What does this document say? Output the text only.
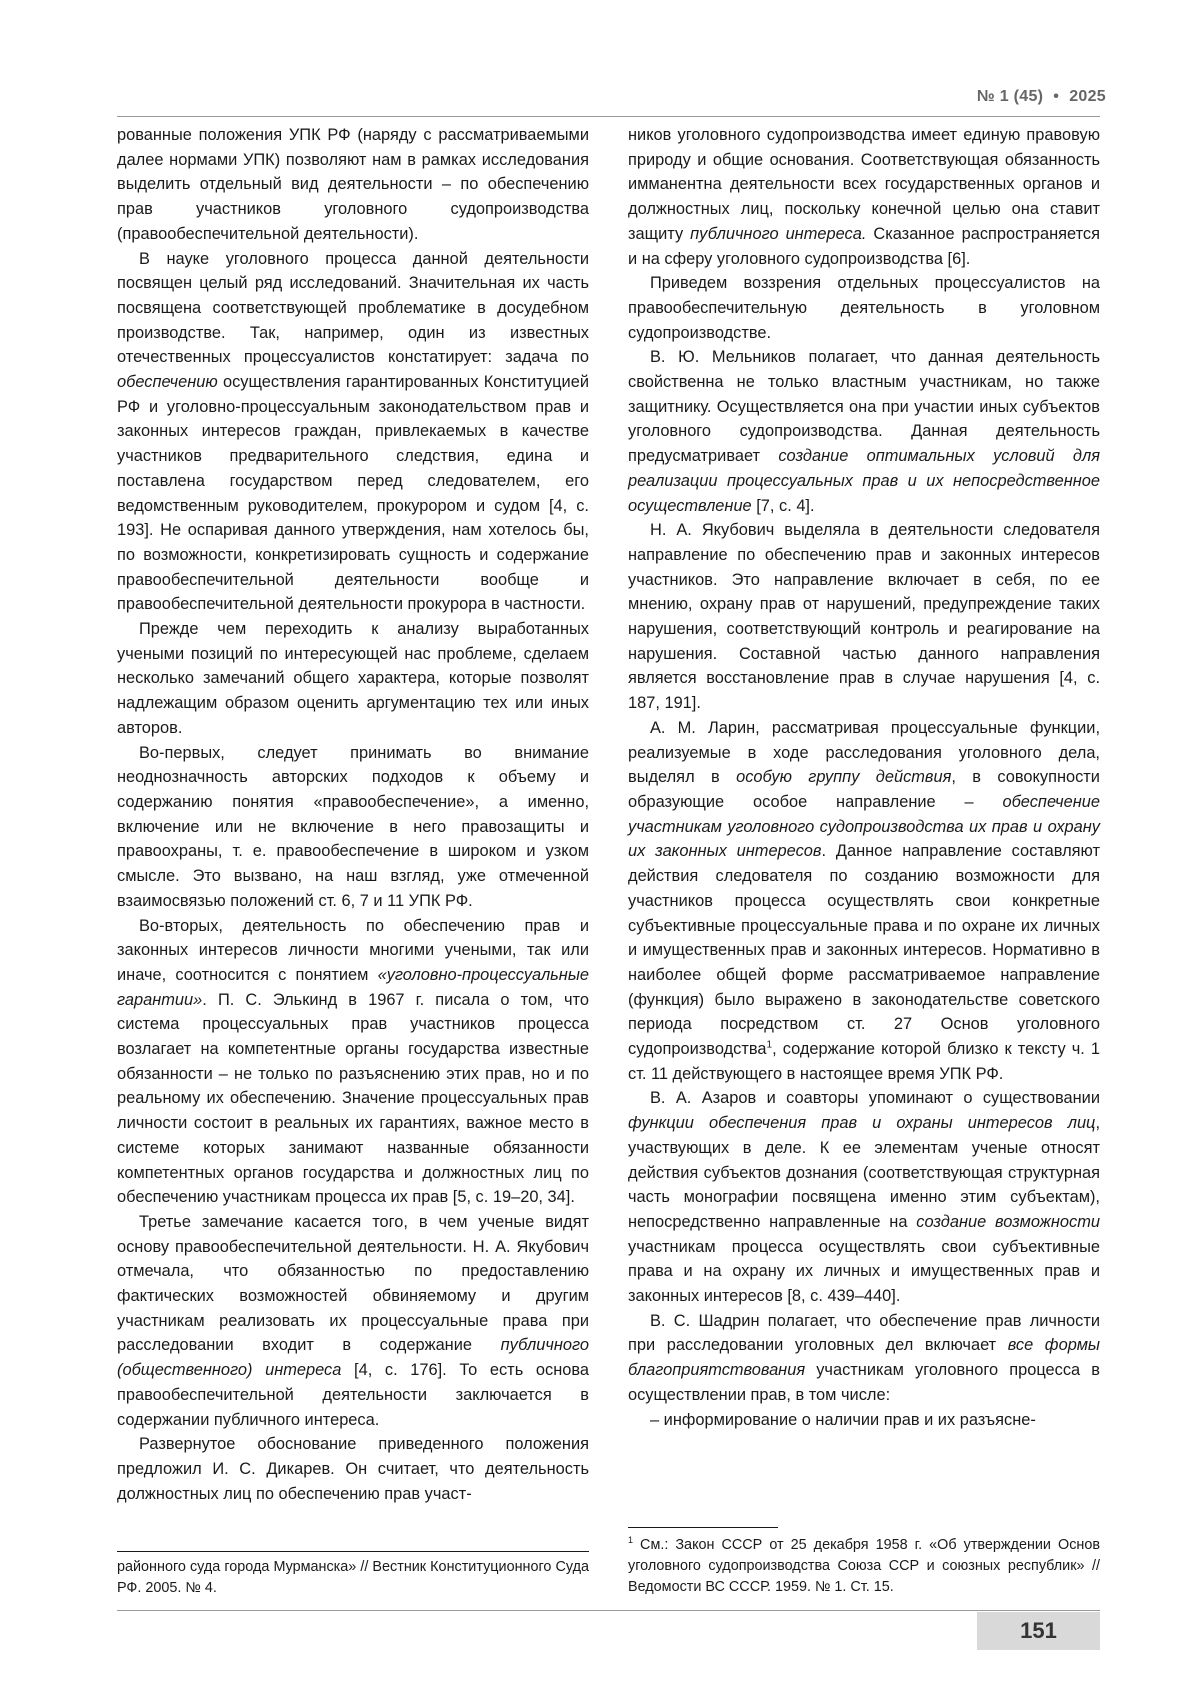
№ 1 (45) • 2025

рованные положения УПК РФ (наряду с рассматриваемыми далее нормами УПК) позволяют нам в рамках исследования выделить отдельный вид деятельности – по обеспечению прав участников уголовного судопроизводства (правообеспечительной деятельности).

В науке уголовного процесса данной деятельности посвящен целый ряд исследований. Значительная их часть посвящена соответствующей проблематике в досудебном производстве. Так, например, один из известных отечественных процессуалистов констатирует: задача по обеспечению осуществления гарантированных Конституцией РФ и уголовно-процессуальным законодательством прав и законных интересов граждан, привлекаемых в качестве участников предварительного следствия, едина и поставлена государством перед следователем, его ведомственным руководителем, прокурором и судом [4, с. 193]. Не оспаривая данного утверждения, нам хотелось бы, по возможности, конкретизировать сущность и содержание правообеспечительной деятельности вообще и правообеспечительной деятельности прокурора в частности.

Прежде чем переходить к анализу выработанных учеными позиций по интересующей нас проблеме, сделаем несколько замечаний общего характера, которые позволят надлежащим образом оценить аргументацию тех или иных авторов.

Во-первых, следует принимать во внимание неоднозначность авторских подходов к объему и содержанию понятия «правообеспечение», а именно, включение или не включение в него правозащиты и правоохраны, т. е. правообеспечение в широком и узком смысле. Это вызвано, на наш взгляд, уже отмеченной взаимосвязью положений ст. 6, 7 и 11 УПК РФ.

Во-вторых, деятельность по обеспечению прав и законных интересов личности многими учеными, так или иначе, соотносится с понятием «уголовно-процессуальные гарантии». П. С. Элькинд в 1967 г. писала о том, что система процессуальных прав участников процесса возлагает на компетентные органы государства известные обязанности – не только по разъяснению этих прав, но и по реальному их обеспечению. Значение процессуальных прав личности состоит в реальных их гарантиях, важное место в системе которых занимают названные обязанности компетентных органов государства и должностных лиц по обеспечению участникам процесса их прав [5, с. 19–20, 34].

Третье замечание касается того, в чем ученые видят основу правообеспечительной деятельности. Н. А. Якубович отмечала, что обязанностью по предоставлению фактических возможностей обвиняемому и другим участникам реализовать их процессуальные права при расследовании входит в содержание публичного (общественного) интереса [4, с. 176]. То есть основа правообеспечительной деятельности заключается в содержании публичного интереса.

Развернутое обоснование приведенного положения предложил И. С. Дикарев. Он считает, что деятельность должностных лиц по обеспечению прав участ-

районного суда города Мурманска» // Вестник Конституционного Суда РФ. 2005. № 4.

ников уголовного судопроизводства имеет единую правовую природу и общие основания. Соответствующая обязанность имманентна деятельности всех государственных органов и должностных лиц, поскольку конечной целью она ставит защиту публичного интереса. Сказанное распространяется и на сферу уголовного судопроизводства [6].

Приведем воззрения отдельных процессуалистов на правообеспечительную деятельность в уголовном судопроизводстве.

В. Ю. Мельников полагает, что данная деятельность свойственна не только властным участникам, но также защитнику. Осуществляется она при участии иных субъектов уголовного судопроизводства. Данная деятельность предусматривает создание оптимальных условий для реализации процессуальных прав и их непосредственное осуществление [7, с. 4].

Н. А. Якубович выделяла в деятельности следователя направление по обеспечению прав и законных интересов участников. Это направление включает в себя, по ее мнению, охрану прав от нарушений, предупреждение таких нарушения, соответствующий контроль и реагирование на нарушения. Составной частью данного направления является восстановление прав в случае нарушения [4, с. 187, 191].

А. М. Ларин, рассматривая процессуальные функции, реализуемые в ходе расследования уголовного дела, выделял в особую группу действия, в совокупности образующие особое направление – обеспечение участникам уголовного судопроизводства их прав и охрану их законных интересов. Данное направление составляют действия следователя по созданию возможности для участников процесса осуществлять свои конкретные субъективные процессуальные права и по охране их личных и имущественных прав и законных интересов. Нормативно в наиболее общей форме рассматриваемое направление (функция) было выражено в законодательстве советского периода посредством ст. 27 Основ уголовного судопроизводства$^1$, содержание которой близко к тексту ч. 1 ст. 11 действующего в настоящее время УПК РФ.

В. А. Азаров и соавторы упоминают о существовании функции обеспечения прав и охраны интересов лиц, участвующих в деле. К ее элементам ученые относят действия субъектов дознания (соответствующая структурная часть монографии посвящена именно этим субъектам), непосредственно направленные на создание возможности участникам процесса осуществлять свои субъективные права и на охрану их личных и имущественных прав и законных интересов [8, с. 439–440].

В. С. Шадрин полагает, что обеспечение прав личности при расследовании уголовных дел включает все формы благоприятствования участникам уголовного процесса в осуществлении прав, в том числе:

– информирование о наличии прав и их разъясне-

$^1$ См.: Закон СССР от 25 декабря 1958 г. «Об утверждении Основ уголовного судопроизводства Союза ССР и союзных республик» // Ведомости ВС СССР. 1959. № 1. Ст. 15.
151
